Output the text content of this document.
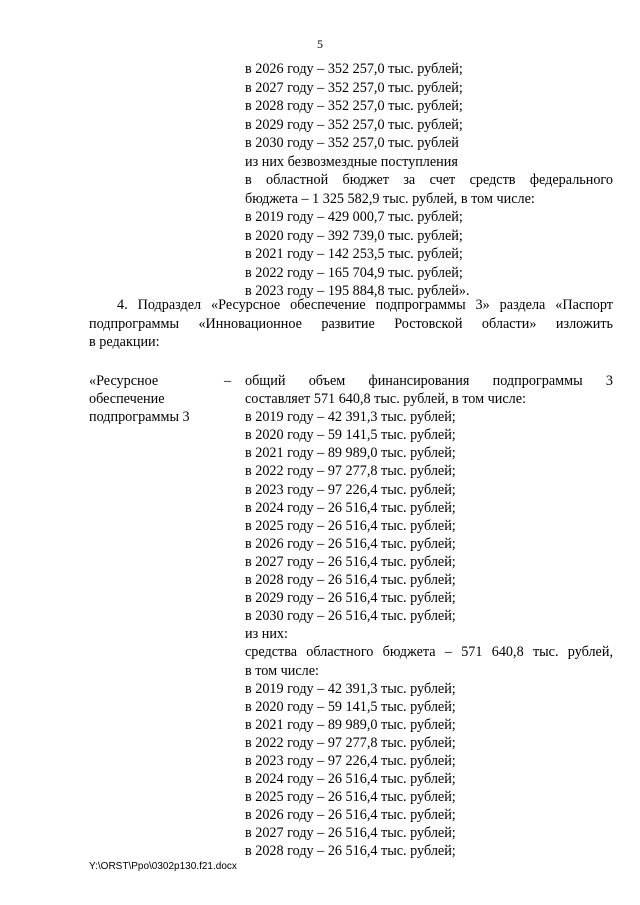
5
в 2026 году – 352 257,0 тыс. рублей;
в 2027 году – 352 257,0 тыс. рублей;
в 2028 году – 352 257,0 тыс. рублей;
в 2029 году – 352 257,0 тыс. рублей;
в 2030 году – 352 257,0 тыс. рублей
из них безвозмездные поступления
в областной бюджет за счет средств федерального
бюджета – 1 325 582,9 тыс. рублей, в том числе:
в 2019 году – 429 000,7 тыс. рублей;
в 2020 году – 392 739,0 тыс. рублей;
в 2021 году – 142 253,5 тыс. рублей;
в 2022 году – 165 704,9 тыс. рублей;
в 2023 году – 195 884,8 тыс. рублей».
4. Подраздел «Ресурсное обеспечение подпрограммы 3» раздела «Паспорт
подпрограммы «Инновационное развитие Ростовской области» изложить
в редакции:
«Ресурсное
обеспечение
подпрограммы 3
– общий объем финансирования подпрограммы 3
составляет 571 640,8 тыс. рублей, в том числе:
в 2019 году – 42 391,3 тыс. рублей;
в 2020 году – 59 141,5 тыс. рублей;
в 2021 году – 89 989,0 тыс. рублей;
в 2022 году – 97 277,8 тыс. рублей;
в 2023 году – 97 226,4 тыс. рублей;
в 2024 году – 26 516,4 тыс. рублей;
в 2025 году – 26 516,4 тыс. рублей;
в 2026 году – 26 516,4 тыс. рублей;
в 2027 году – 26 516,4 тыс. рублей;
в 2028 году – 26 516,4 тыс. рублей;
в 2029 году – 26 516,4 тыс. рублей;
в 2030 году – 26 516,4 тыс. рублей;
из них:
средства областного бюджета – 571 640,8 тыс. рублей,
в том числе:
в 2019 году – 42 391,3 тыс. рублей;
в 2020 году – 59 141,5 тыс. рублей;
в 2021 году – 89 989,0 тыс. рублей;
в 2022 году – 97 277,8 тыс. рублей;
в 2023 году – 97 226,4 тыс. рублей;
в 2024 году – 26 516,4 тыс. рублей;
в 2025 году – 26 516,4 тыс. рублей;
в 2026 году – 26 516,4 тыс. рублей;
в 2027 году – 26 516,4 тыс. рублей;
в 2028 году – 26 516,4 тыс. рублей;
Y:\ORST\Ppo\0302p130.f21.docx
